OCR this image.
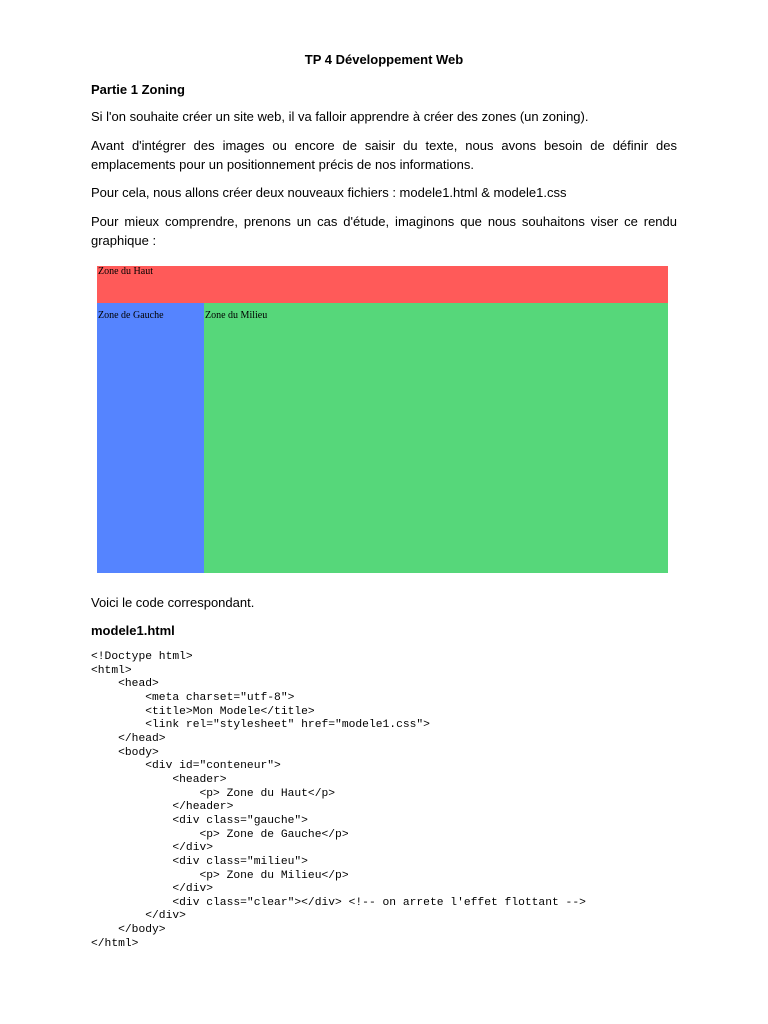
TP 4 Développement Web
Partie 1 Zoning
Si l'on souhaite créer un site web, il va falloir apprendre à créer des zones (un zoning).
Avant d'intégrer des images ou encore de saisir du texte, nous avons besoin de définir des emplacements pour un positionnement précis de nos informations.
Pour cela, nous allons créer deux nouveaux fichiers : modele1.html & modele1.css
Pour mieux comprendre, prenons un cas d'étude, imaginons que nous souhaitons viser ce rendu graphique :
Zone du Haut
Zone de Gauche	Zone du Milieu
Voici le code correspondant.
modele1.html
<!Doctype html>
<html>
<head>
<meta charset="utf-8">
<title>Mon Modele</title>
<link rel="stylesheet" href="modele1.css">
</head>
<body>
<div id="conteneur">
<header>
<p> Zone du Haut</p>
</header>
<div class="gauche">
<p> Zone de Gauche</p>
</div>
<div class="milieu">
<p> Zone du Milieu</p>
</div>
<div class="clear"></div> <!-- on arrete l'effet flottant -->
</div>
</body>
</html>
